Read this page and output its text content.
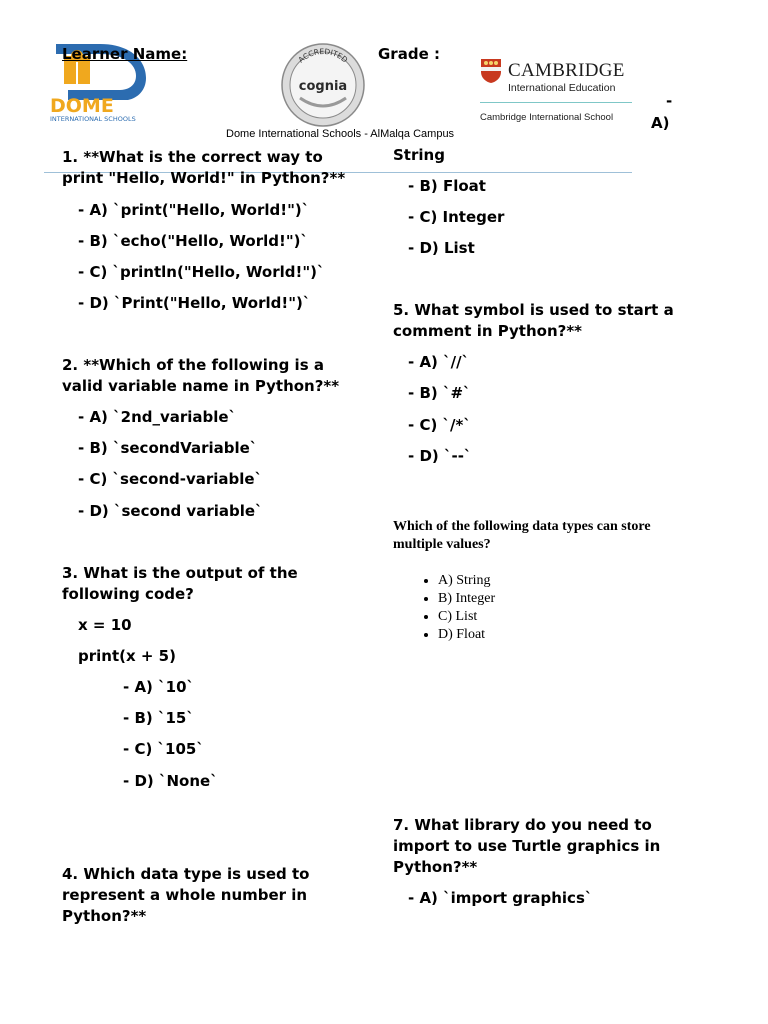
DOME
INTERNATIONAL SCHOOLS
Learner Name:	ACCREDITED
cognia
Grade :
CAMBRIDGE
International Education
Cambridge International School
-
A)
Dome International Schools - AlMalqa Campus
1. **What is the correct way to
print "Hello, World!" in Python?**
- A) `print("Hello, World!")`
- B) `echo("Hello, World!")`
- C) `println("Hello, World!")`
- D) `Print("Hello, World!")`
2. **Which of the following is a
valid variable name in Python?**
- A) `2nd_variable`
- B) `secondVariable`
- C) `second-variable`
- D) `second variable`
3. What is the output of the
following code?
x = 10
print(x + 5)
- A) `10`
- B) `15`
- C) `105`
- D) `None`
4. Which data type is used to
represent a whole number in
Python?**
String
- B) Float
- C) Integer
- D) List
5. What symbol is used to start a
comment in Python?**
- A) `//`
- B) `#`
- C) `/*`
- D) `--`
Which of the following data types can store
multiple values?
• A) String
• B) Integer
• C) List
• D) Float
7. What library do you need to
import to use Turtle graphics in
Python?**
- A) `import graphics`
